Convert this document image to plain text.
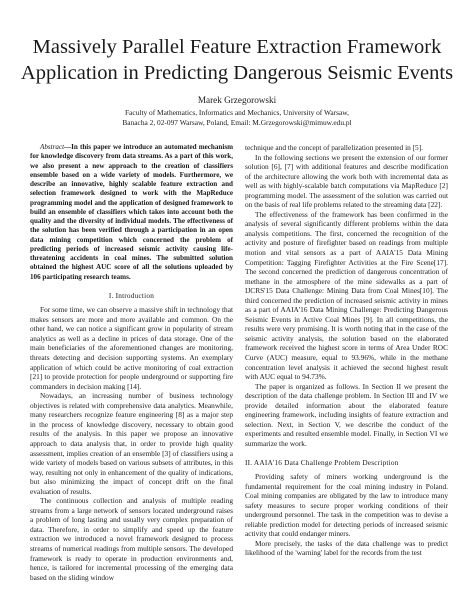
Massively Parallel Feature Extraction Framework
Application in Predicting Dangerous Seismic Events
Marek Grzegorowski
Faculty of Mathematics, Informatics and Mechanics, University of Warsaw,
Banacha 2, 02-097 Warsaw, Poland, Email: M.Grzegorowski@mimuw.edu.pl

Abstract—In this paper we introduce an automated mechanism for knowledge discovery from data streams. As a part of this work, we also present a new approach to the creation of classifiers ensemble based on a wide variety of models. Furthermore, we describe an innovative, highly scalable feature extraction and selection framework designed to work with the MapReduce programming model and the application of designed framework to build an ensemble of classifiers which takes into account both the quality and the diversity of individual models. The effectiveness of the solution has been verified through a participation in an open data mining competition which concerned the problem of predicting periods of increased seismic activity causing life-threatening accidents in coal mines. The submitted solution obtained the highest AUC score of all the solutions uploaded by 106 participating research teams.

I. Introduction

For some time, we can observe a massive shift in technology that makes sensors are more and more available and common. On the other hand, we can notice a significant grow in popularity of stream analytics as well as a decline in prices of data storage. One of the main beneficiaries of the aforementioned changes are monitoring, threats detecting and decision supporting systems. An exemplary application of which could be active monitoring of coal extraction [21] to provide protection for people underground or supporting fire commanders in decision making [14].

Nowadays, an increasing number of business technology objectives is related with comprehensive data analytics. Meanwhile, many researchers recognize feature engineering [8] as a major step in the process of knowledge discovery, necessary to obtain good results of the analysis. In this paper we propose an innovative approach to data analysis that, in order to provide high quality assessment, implies creation of an ensemble [3] of classifiers using a wide variety of models based on various subsets of attributes, in this way, resulting not only in enhancement of the quality of indications, but also minimizing the impact of concept drift on the final evaluation of results.

The continuous collection and analysis of multiple reading streams from a large network of sensors located underground raises a problem of long lasting and usually very complex preparation of data. Therefore, in order to simplify and speed up the feature extraction we introduced a novel framework designed to process streams of numerical readings from multiple sensors. The developed framework is ready to operate in production environments and, hence, is tailored for incremental processing of the emerging data based on the sliding window

technique and the concept of parallelization presented in [5].

In the following sections we present the extension of our former solution [6], [7] with additional features and describe modification of the architecture allowing the work both with incremental data as well as with highly-scalable batch computations via MapReduce [2] programming model. The assessment of the solution was carried out on the basis of real life problems related to the streaming data [22].

The effectiveness of the framework has been confirmed in the analysis of several significantly different problems within the data analysis competitions. The first, concerned the recognition of the activity and posture of firefighter based on readings from multiple motion and vital sensors as a part of AAIA'15 Data Mining Competition: Tagging Firefighter Activities at the Fire Scene[17]. The second concerned the prediction of dangerous concentration of methane in the atmosphere of the mine sidewalks as a part of IJCRS'15 Data Challenge: Mining Data from Coal Mines[10]. The third concerned the prediction of increased seismic activity in mines as a part of AAIA'16 Data Mining Challenge: Predicting Dangerous Seismic Events in Active Coal Mines [9]. In all competitions, the results were very promising. It is worth noting that in the case of the seismic activity analysis, the solution based on the elaborated framework received the highest score in terms of Area Under ROC Curve (AUC) measure, equal to 93.96%, while in the methane concentration level analysis it achieved the second highest result with AUC equal to 94.73%.

The paper is organized as follows. In Section II we present the description of the data challenge problem. In Section III and IV we provide detailed information about the elaborated feature engineering framework, including insights of feature extraction and selection. Next, in Section V, we describe the conduct of the experiments and resulted ensemble model. Finally, in Section VI we summarize the work.

II. AAIA'16 Data Challenge Problem Description

Providing safety of miners working underground is the fundamental requirement for the coal mining industry in Poland. Coal mining companies are obligated by the law to introduce many safety measures to secure proper working conditions of their underground personnel. The task in the competition was to devise a reliable prediction model for detecting periods of increased seismic activity that could endanger miners.

More precisely, the tasks of the data challenge was to predict likelihood of the 'warning' label for the records from the test
